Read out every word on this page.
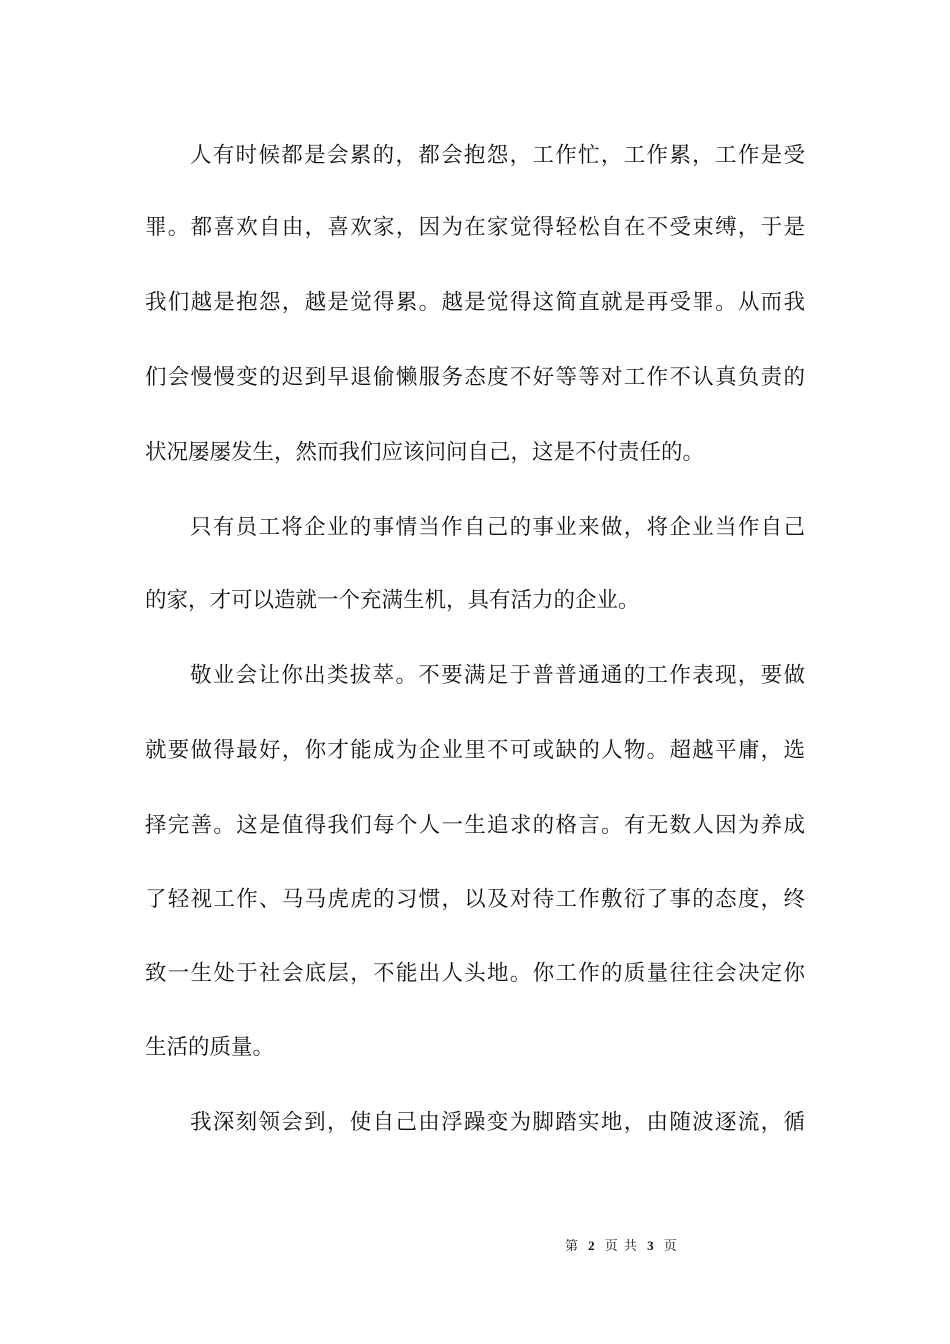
人有时候都是会累的，都会抱怨，工作忙，工作累，工作是受
罪。都喜欢自由，喜欢家，因为在家觉得轻松自在不受束缚，于是
我们越是抱怨，越是觉得累。越是觉得这简直就是再受罪。从而我
们会慢慢变的迟到早退偷懒服务态度不好等等对工作不认真负责的
状况屡屡发生，然而我们应该问问自己，这是不付责任的。
只有员工将企业的事情当作自己的事业来做，将企业当作自己
的家，才可以造就一个充满生机，具有活力的企业。
敬业会让你出类拔萃。不要满足于普普通通的工作表现，要做
就要做得最好，你才能成为企业里不可或缺的人物。超越平庸，选
择完善。这是值得我们每个人一生追求的格言。有无数人因为养成
了轻视工作、马马虎虎的习惯，以及对待工作敷衍了事的态度，终
致一生处于社会底层，不能出人头地。你工作的质量往往会决定你
生活的质量。
我深刻领会到，使自己由浮躁变为脚踏实地，由随波逐流，循
第 2 页 共 3 页
